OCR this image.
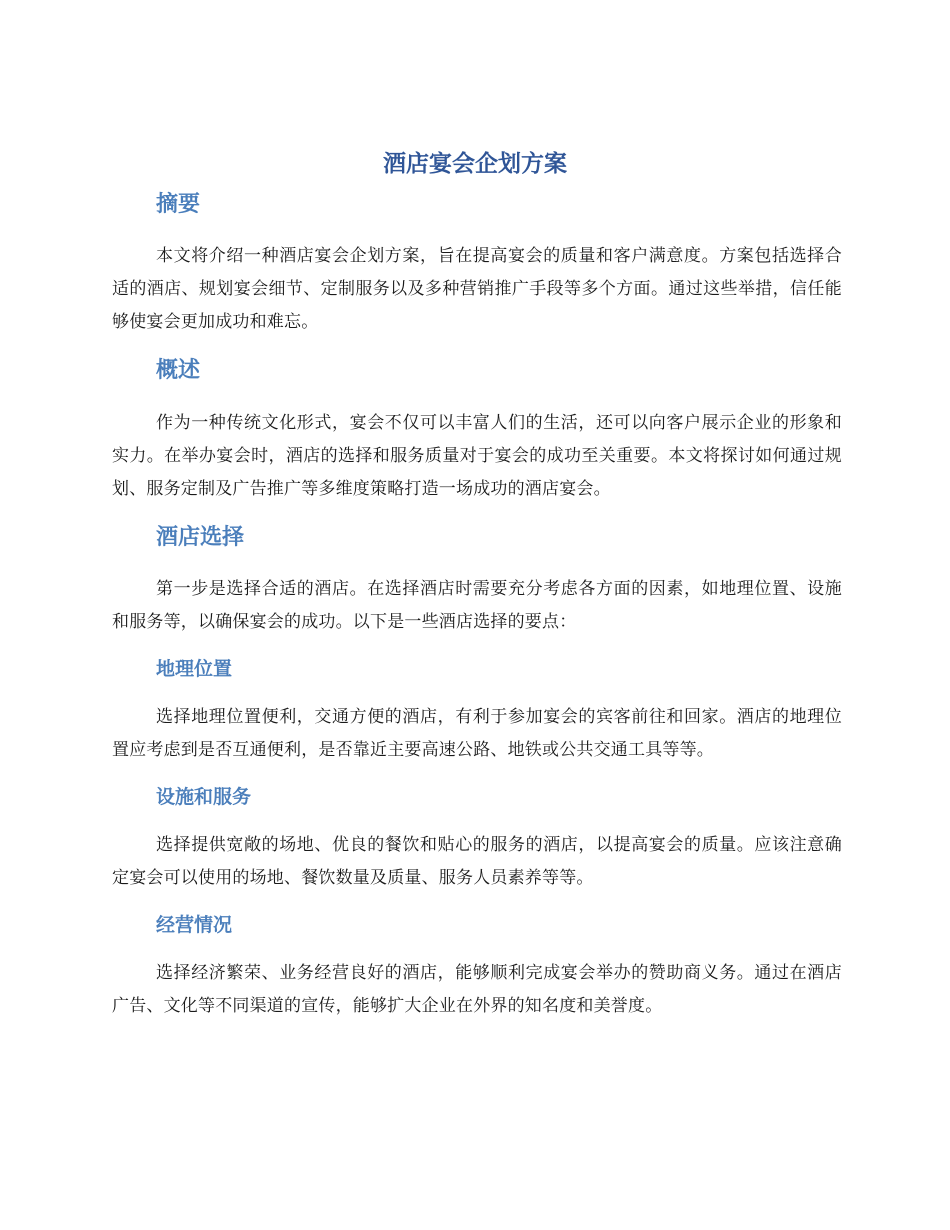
酒店宴会企划方案
摘要

本文将介绍一种酒店宴会企划方案，旨在提高宴会的质量和客户满意度。方案包括选择合适的酒店、规划宴会细节、定制服务以及多种营销推广手段等多个方面。通过这些举措，信任能够使宴会更加成功和难忘。

概述

作为一种传统文化形式，宴会不仅可以丰富人们的生活，还可以向客户展示企业的形象和实力。在举办宴会时，酒店的选择和服务质量对于宴会的成功至关重要。本文将探讨如何通过规划、服务定制及广告推广等多维度策略打造一场成功的酒店宴会。

酒店选择

第一步是选择合适的酒店。在选择酒店时需要充分考虑各方面的因素，如地理位置、设施和服务等，以确保宴会的成功。以下是一些酒店选择的要点：

地理位置

选择地理位置便利，交通方便的酒店，有利于参加宴会的宾客前往和回家。酒店的地理位置应考虑到是否互通便利，是否靠近主要高速公路、地铁或公共交通工具等等。

设施和服务

选择提供宽敞的场地、优良的餐饮和贴心的服务的酒店，以提高宴会的质量。应该注意确定宴会可以使用的场地、餐饮数量及质量、服务人员素养等等。

经营情况

选择经济繁荣、业务经营良好的酒店，能够顺利完成宴会举办的赞助商义务。通过在酒店广告、文化等不同渠道的宣传，能够扩大企业在外界的知名度和美誉度。
